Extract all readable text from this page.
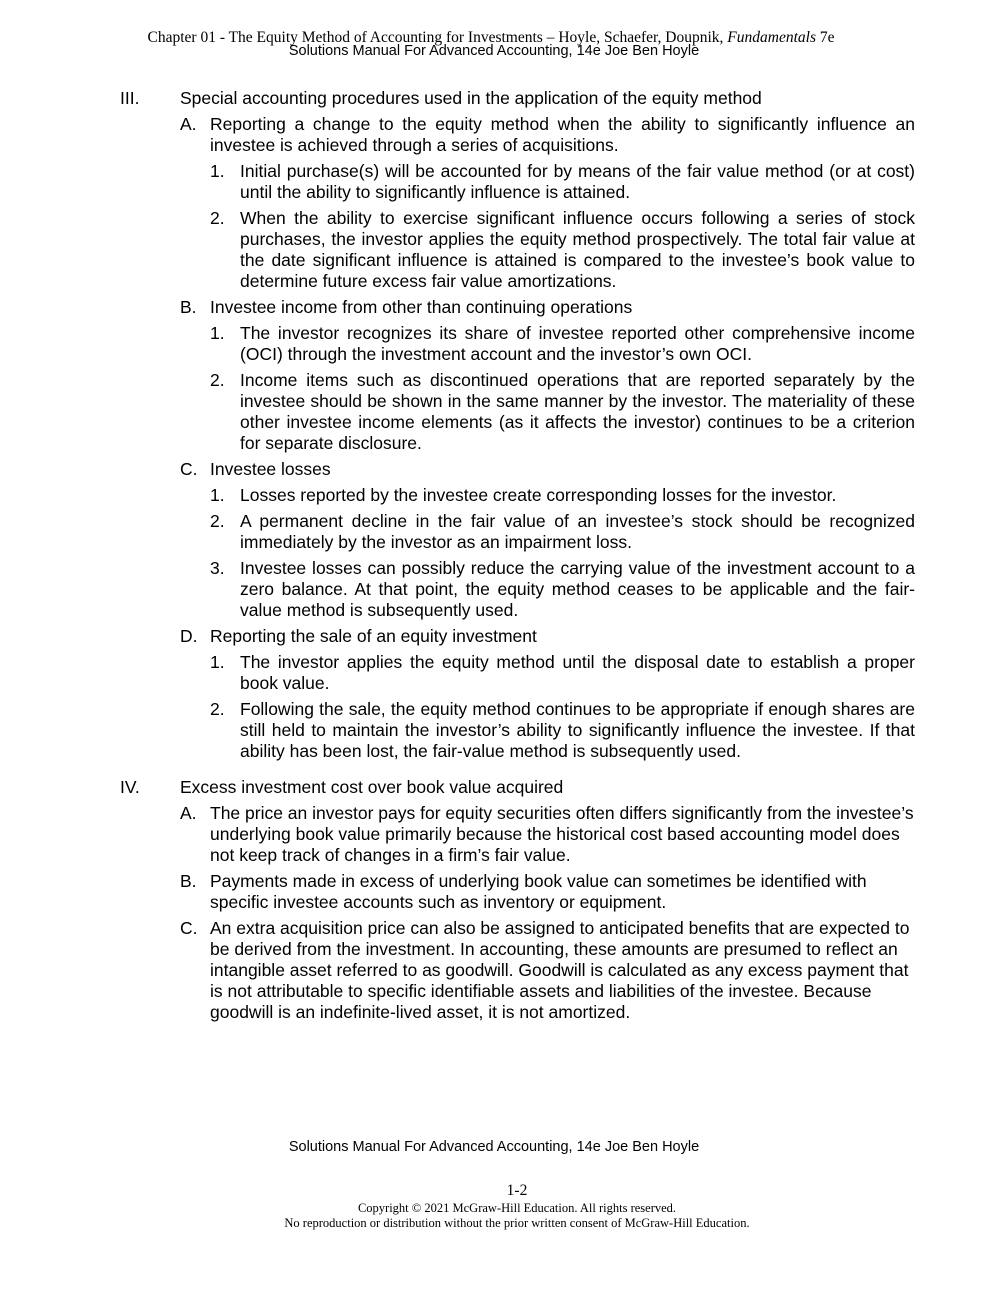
Chapter 01 - The Equity Method of Accounting for Investments – Hoyle, Schaefer, Doupnik, Fundamentals 7e
Solutions Manual For Advanced Accounting, 14e Joe Ben Hoyle
III. Special accounting procedures used in the application of the equity method
A. Reporting a change to the equity method when the ability to significantly influence an investee is achieved through a series of acquisitions.
1. Initial purchase(s) will be accounted for by means of the fair value method (or at cost) until the ability to significantly influence is attained.
2. When the ability to exercise significant influence occurs following a series of stock purchases, the investor applies the equity method prospectively. The total fair value at the date significant influence is attained is compared to the investee’s book value to determine future excess fair value amortizations.
B. Investee income from other than continuing operations
1. The investor recognizes its share of investee reported other comprehensive income (OCI) through the investment account and the investor’s own OCI.
2. Income items such as discontinued operations that are reported separately by the investee should be shown in the same manner by the investor. The materiality of these other investee income elements (as it affects the investor) continues to be a criterion for separate disclosure.
C. Investee losses
1. Losses reported by the investee create corresponding losses for the investor.
2. A permanent decline in the fair value of an investee’s stock should be recognized immediately by the investor as an impairment loss.
3. Investee losses can possibly reduce the carrying value of the investment account to a zero balance. At that point, the equity method ceases to be applicable and the fair-value method is subsequently used.
D. Reporting the sale of an equity investment
1. The investor applies the equity method until the disposal date to establish a proper book value.
2. Following the sale, the equity method continues to be appropriate if enough shares are still held to maintain the investor’s ability to significantly influence the investee. If that ability has been lost, the fair-value method is subsequently used.
IV. Excess investment cost over book value acquired
A. The price an investor pays for equity securities often differs significantly from the investee’s underlying book value primarily because the historical cost based accounting model does not keep track of changes in a firm’s fair value.
B. Payments made in excess of underlying book value can sometimes be identified with specific investee accounts such as inventory or equipment.
C. An extra acquisition price can also be assigned to anticipated benefits that are expected to be derived from the investment. In accounting, these amounts are presumed to reflect an intangible asset referred to as goodwill. Goodwill is calculated as any excess payment that is not attributable to specific identifiable assets and liabilities of the investee. Because goodwill is an indefinite-lived asset, it is not amortized.
Solutions Manual For Advanced Accounting, 14e Joe Ben Hoyle
1-2
Copyright © 2021 McGraw-Hill Education. All rights reserved.
No reproduction or distribution without the prior written consent of McGraw-Hill Education.
